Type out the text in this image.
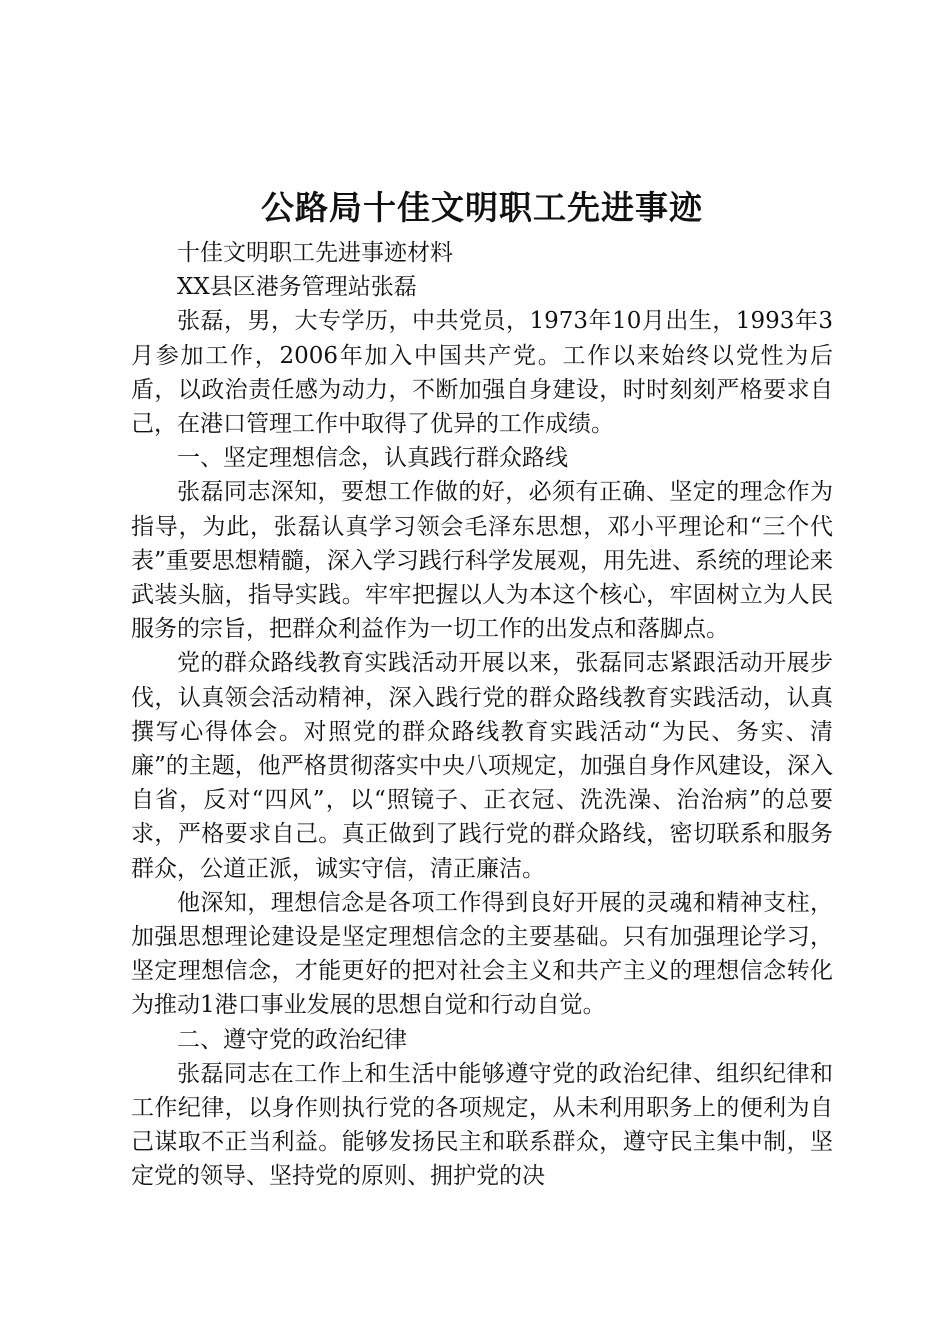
公路局十佳文明职工先进事迹

十佳文明职工先进事迹材料

XX县区港务管理站张磊

张磊，男，大专学历，中共党员，1973年10月出生，1993年3月参加工作，2006年加入中国共产党。工作以来始终以党性为后盾，以政治责任感为动力，不断加强自身建设，时时刻刻严格要求自己，在港口管理工作中取得了优异的工作成绩。

一、坚定理想信念，认真践行群众路线

张磊同志深知，要想工作做的好，必须有正确、坚定的理念作为指导，为此，张磊认真学习领会毛泽东思想，邓小平理论和“三个代表”重要思想精髓，深入学习践行科学发展观，用先进、系统的理论来武装头脑，指导实践。牢牢把握以人为本这个核心，牢固树立为人民服务的宗旨，把群众利益作为一切工作的出发点和落脚点。

党的群众路线教育实践活动开展以来，张磊同志紧跟活动开展步伐，认真领会活动精神，深入践行党的群众路线教育实践活动，认真撰写心得体会。对照党的群众路线教育实践活动“为民、务实、清廉”的主题，他严格贯彻落实中央八项规定，加强自身作风建设，深入自省，反对“四风”，以“照镜子、正衣冠、洗洗澡、治治病”的总要求，严格要求自己。真正做到了践行党的群众路线，密切联系和服务群众，公道正派，诚实守信，清正廉洁。

他深知，理想信念是各项工作得到良好开展的灵魂和精神支柱，加强思想理论建设是坚定理想信念的主要基础。只有加强理论学习，坚定理想信念，才能更好的把对社会主义和共产主义的理想信念转化为推动1港口事业发展的思想自觉和行动自觉。

二、遵守党的政治纪律

张磊同志在工作上和生活中能够遵守党的政治纪律、组织纪律和工作纪律，以身作则执行党的各项规定，从未利用职务上的便利为自己谋取不正当利益。能够发扬民主和联系群众，遵守民主集中制，坚定党的领导、坚持党的原则、拥护党的决
